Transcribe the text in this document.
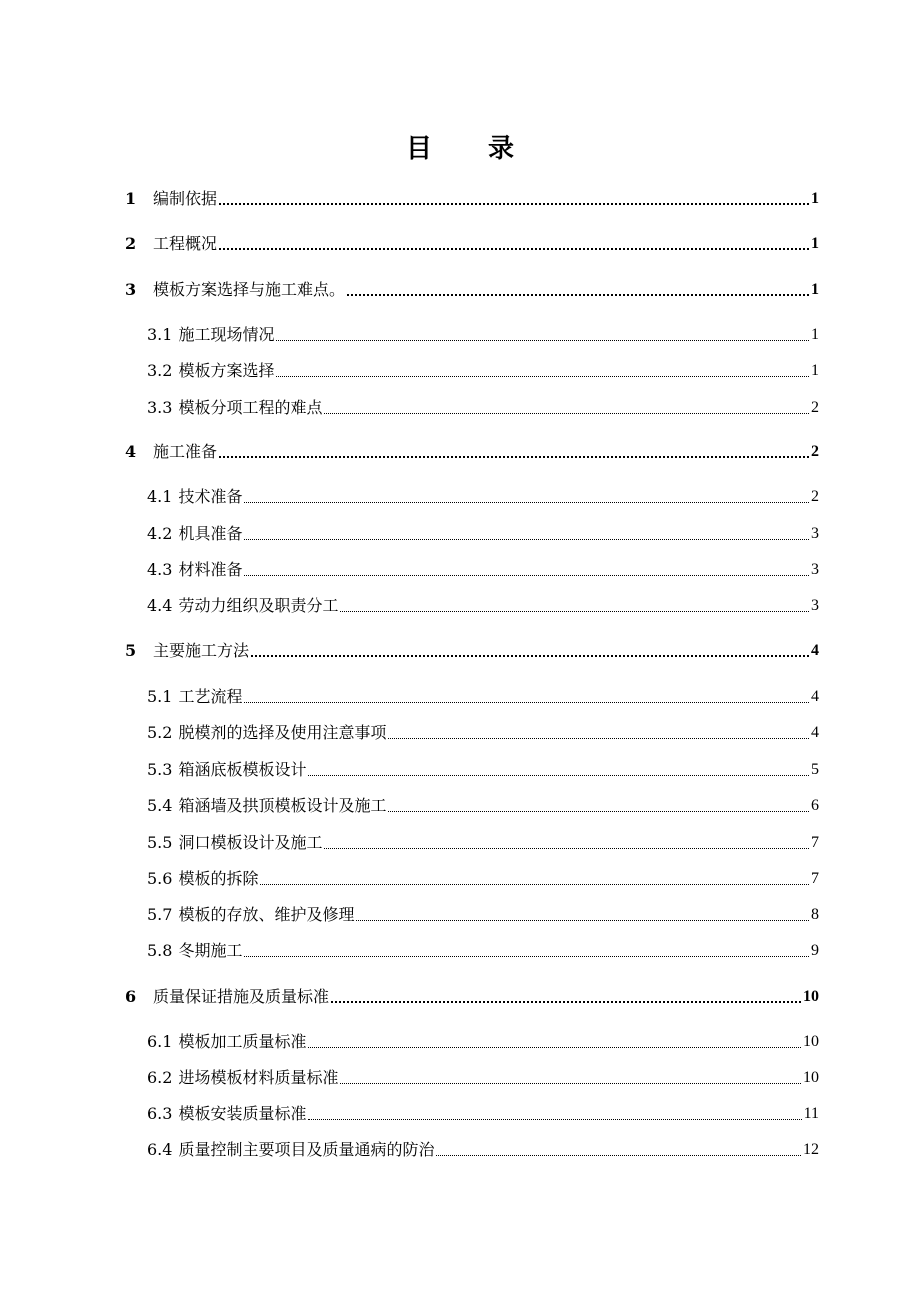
目 录
1	编制依据	1
2	工程概况	1
3	模板方案选择与施工难点。	1
3.1 施工现场情况	1
3.2 模板方案选择	1
3.3 模板分项工程的难点	2
4	施工准备	2
4.1 技术准备	2
4.2 机具准备	3
4.3 材料准备	3
4.4 劳动力组织及职责分工	3
5	主要施工方法	4
5.1 工艺流程	4
5.2 脱模剂的选择及使用注意事项	4
5.3 箱涵底板模板设计	5
5.4 箱涵墙及拱顶模板设计及施工	6
5.5 洞口模板设计及施工	7
5.6 模板的拆除	7
5.7 模板的存放、维护及修理	8
5.8 冬期施工	9
6	质量保证措施及质量标准	10
6.1 模板加工质量标准	10
6.2 进场模板材料质量标准	10
6.3 模板安装质量标准	11
6.4 质量控制主要项目及质量通病的防治	12
